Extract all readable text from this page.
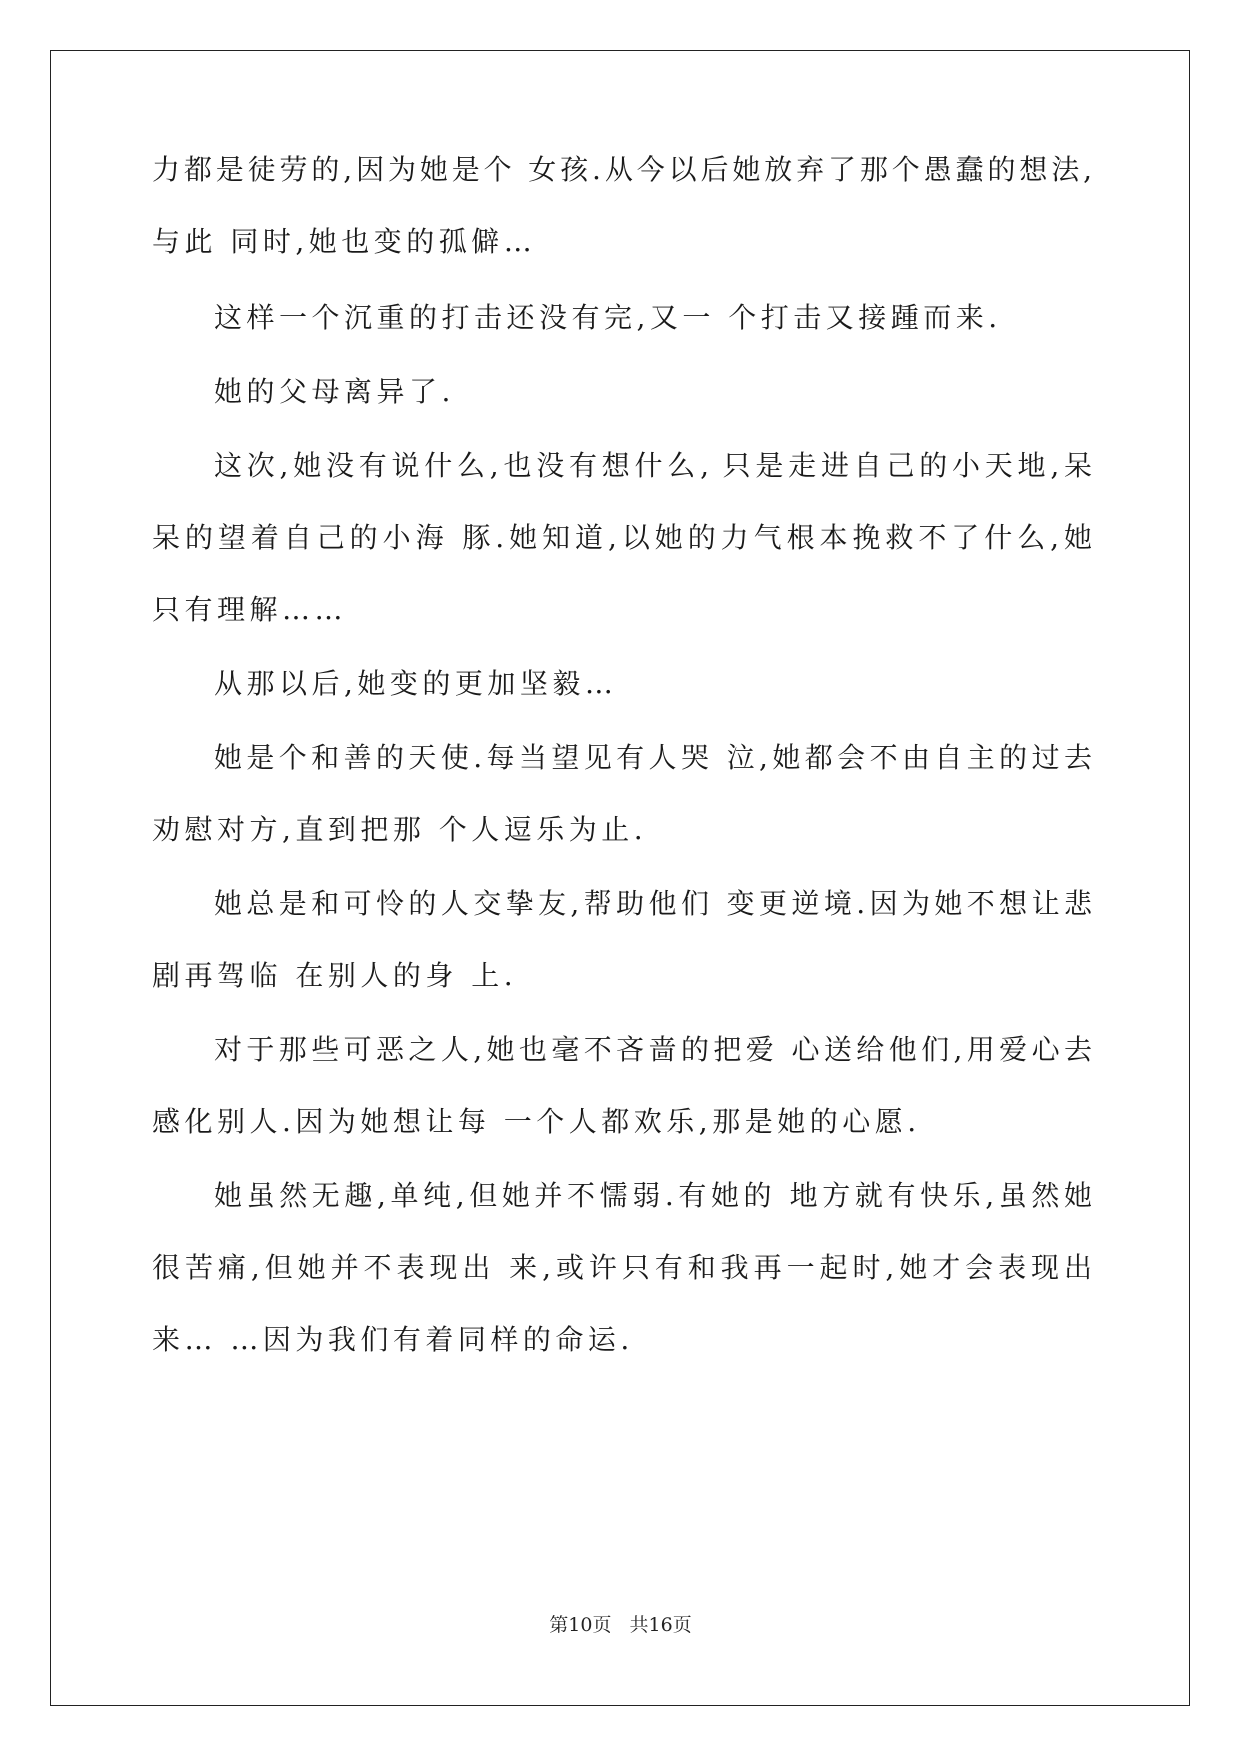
力都是徒劳的,因为她是个 女孩.从今以后她放弃了那个愚蠢的想法,
与此 同时,她也变的孤僻…
这样一个沉重的打击还没有完,又一 个打击又接踵而来.
她的父母离异了.
这次,她没有说什么,也没有想什么, 只是走进自己的小天地,呆
呆的望着自己的小海 豚.她知道,以她的力气根本挽救不了什么,她
只有理解……
从那以后,她变的更加坚毅…
她是个和善的天使.每当望见有人哭 泣,她都会不由自主的过去
劝慰对方,直到把那 个人逗乐为止.
她总是和可怜的人交挚友,帮助他们 变更逆境.因为她不想让悲
剧再驾临 在别人的身 上.
对于那些可恶之人,她也毫不吝啬的把爱 心送给他们,用爱心去
感化别人.因为她想让每 一个人都欢乐,那是她的心愿.
她虽然无趣,单纯,但她并不懦弱.有她的 地方就有快乐,虽然她
很苦痛,但她并不表现出 来,或许只有和我再一起时,她才会表现出
来… …因为我们有着同样的命运.
第10页 共16页
